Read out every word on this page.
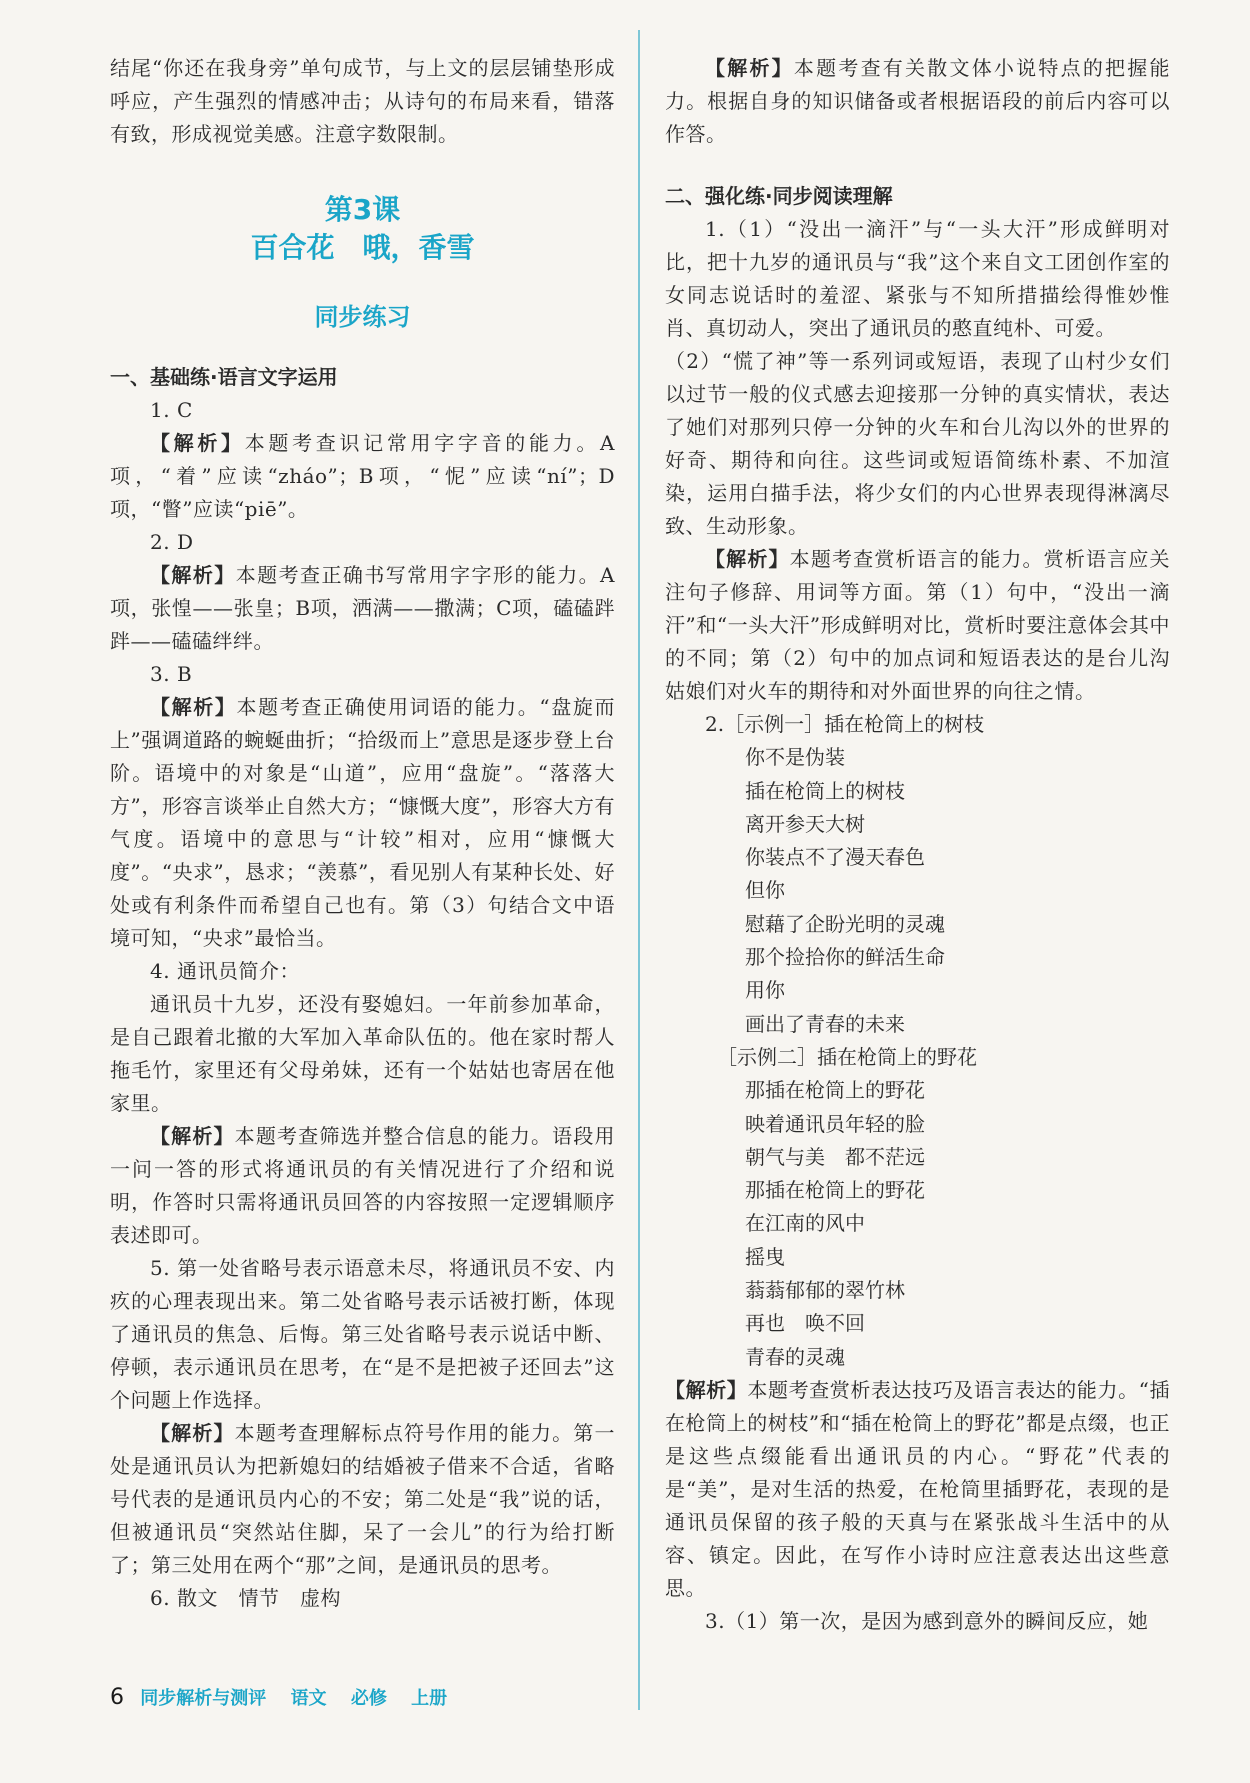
结尾“你还在我身旁”单句成节，与上文的层层铺垫形成呼应，产生强烈的情感冲击；从诗句的布局来看，错落有致，形成视觉美感。注意字数限制。

第3课
百合花　哦，香雪
同步练习
一、基础练·语言文字运用

1. C

【解析】本题考查识记常用字字音的能力。A项，“着”应读“zháo”；B项，“怩”应读“ní”；D项，“瞥”应读“piē”。

2. D

【解析】本题考查正确书写常用字字形的能力。A项，张惶——张皇；B项，洒满——撒满；C项，磕磕跘跘——磕磕绊绊。

3. B

【解析】本题考查正确使用词语的能力。“盘旋而上”强调道路的蜿蜒曲折；“拾级而上”意思是逐步登上台阶。语境中的对象是“山道”，应用“盘旋”。“落落大方”，形容言谈举止自然大方；“慷慨大度”，形容大方有气度。语境中的意思与“计较”相对，应用“慷慨大度”。“央求”，恳求；“羡慕”，看见别人有某种长处、好处或有利条件而希望自己也有。第（3）句结合文中语境可知，“央求”最恰当。

4. 通讯员简介：

通讯员十九岁，还没有娶媳妇。一年前参加革命，是自己跟着北撤的大军加入革命队伍的。他在家时帮人拖毛竹，家里还有父母弟妹，还有一个姑姑也寄居在他家里。

【解析】本题考查筛选并整合信息的能力。语段用一问一答的形式将通讯员的有关情况进行了介绍和说明，作答时只需将通讯员回答的内容按照一定逻辑顺序表述即可。

5. 第一处省略号表示语意未尽，将通讯员不安、内疚的心理表现出来。第二处省略号表示话被打断，体现了通讯员的焦急、后悔。第三处省略号表示说话中断、停顿，表示通讯员在思考，在“是不是把被子还回去”这个问题上作选择。

【解析】本题考查理解标点符号作用的能力。第一处是通讯员认为把新媳妇的结婚被子借来不合适，省略号代表的是通讯员内心的不安；第二处是“我”说的话，但被通讯员“突然站住脚，呆了一会儿”的行为给打断了；第三处用在两个“那”之间，是通讯员的思考。

6. 散文　情节　虚构

【解析】本题考查有关散文体小说特点的把握能力。根据自身的知识储备或者根据语段的前后内容可以作答。

二、强化练·同步阅读理解

1.（1）“没出一滴汗”与“一头大汗”形成鲜明对比，把十九岁的通讯员与“我”这个来自文工团创作室的女同志说话时的羞涩、紧张与不知所措描绘得惟妙惟肖、真切动人，突出了通讯员的憨直纯朴、可爱。

（2）“慌了神”等一系列词或短语，表现了山村少女们以过节一般的仪式感去迎接那一分钟的真实情状，表达了她们对那列只停一分钟的火车和台儿沟以外的世界的好奇、期待和向往。这些词或短语简练朴素、不加渲染，运用白描手法，将少女们的内心世界表现得淋漓尽致、生动形象。

【解析】本题考查赏析语言的能力。赏析语言应关注句子修辞、用词等方面。第（1）句中，“没出一滴汗”和“一头大汗”形成鲜明对比，赏析时要注意体会其中的不同；第（2）句中的加点词和短语表达的是台儿沟姑娘们对火车的期待和对外面世界的向往之情。

2.［示例一］插在枪筒上的树枝
你不是伪装
插在枪筒上的树枝
离开参天大树
你装点不了漫天春色
但你
慰藉了企盼光明的灵魂
那个捡拾你的鲜活生命
用你
画出了青春的未来
［示例二］插在枪筒上的野花
那插在枪筒上的野花
映着通讯员年轻的脸
朝气与美　都不茫远
那插在枪筒上的野花
在江南的风中
摇曳
蓊蓊郁郁的翠竹林
再也　唤不回
青春的灵魂

【解析】本题考查赏析表达技巧及语言表达的能力。“插在枪筒上的树枝”和“插在枪筒上的野花”都是点缀，也正是这些点缀能看出通讯员的内心。“野花”代表的是“美”，是对生活的热爱，在枪筒里插野花，表现的是通讯员保留的孩子般的天真与在紧张战斗生活中的从容、镇定。因此，在写作小诗时应注意表达出这些意思。

3.（1）第一次，是因为感到意外的瞬间反应，她

6 同步解析与测评 语文 必修 上册
